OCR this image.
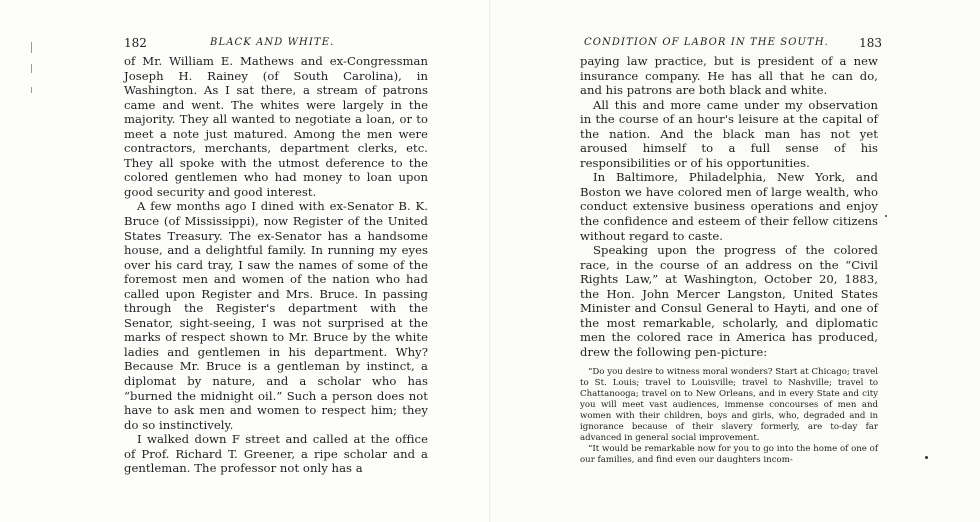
182	BLACK AND WHITE.

of Mr. William E. Mathews and ex-Congressman Joseph H. Rainey (of South Carolina), in Washington. As I sat there, a stream of patrons came and went. The whites were largely in the majority. They all wanted to negotiate a loan, or to meet a note just matured. Among the men were contractors, merchants, department clerks, etc. They all spoke with the utmost deference to the colored gentlemen who had money to loan upon good security and good interest.

A few months ago I dined with ex-Senator B. K. Bruce (of Mississippi), now Register of the United States Treasury. The ex-Senator has a handsome house, and a delightful family. In running my eyes over his card tray, I saw the names of some of the foremost men and women of the nation who had called upon Register and Mrs. Bruce. In passing through the Register's department with the Senator, sight-seeing, I was not surprised at the marks of respect shown to Mr. Bruce by the white ladies and gentlemen in his department. Why? Because Mr. Bruce is a gentleman by instinct, a diplomat by nature, and a scholar who has “burned the midnight oil.” Such a person does not have to ask men and women to respect him; they do so instinctively.

I walked down F street and called at the office of Prof. Richard T. Greener, a ripe scholar and a gentleman. The professor not only has a

CONDITION OF LABOR IN THE SOUTH.	183

paying law practice, but is president of a new insurance company. He has all that he can do, and his patrons are both black and white.

All this and more came under my observation in the course of an hour's leisure at the capital of the nation. And the black man has not yet aroused himself to a full sense of his responsibilities or of his opportunities.

In Baltimore, Philadelphia, New York, and Boston we have colored men of large wealth, who conduct extensive business operations and enjoy the confidence and esteem of their fellow citizens without regard to caste.

Speaking upon the progress of the colored race, in the course of an address on the “Civil Rights Law,” at Washington, October 20, 1883, the Hon. John Mercer Langston, United States Minister and Consul General to Hayti, and one of the most remarkable, scholarly, and diplomatic men the colored race in America has produced, drew the following pen-picture:

“Do you desire to witness moral wonders? Start at Chicago; travel to St. Louis; travel to Louisville; travel to Nashville; travel to Chattanooga; travel on to New Orleans, and in every State and city you will meet vast audiences, immense concourses of men and women with their children, boys and girls, who, degraded and in ignorance because of their slavery formerly, are to-day far advanced in general social improvement.

“It would be remarkable now for you to go into the home of one of our families, and find even our daughters incom-
